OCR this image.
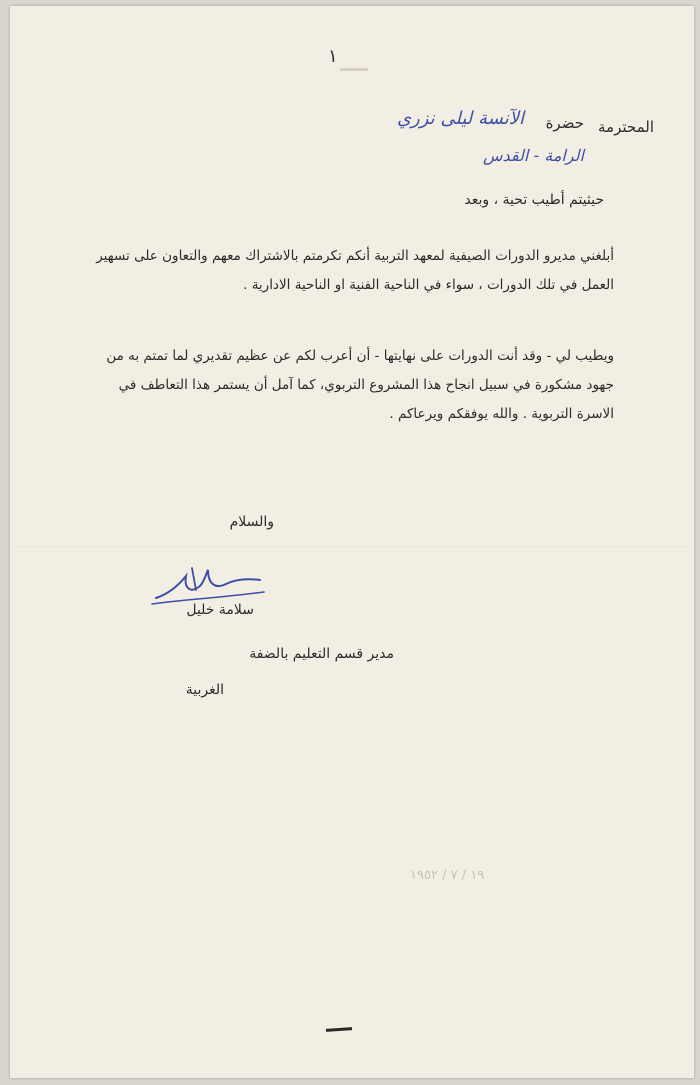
١
حضرة المحترمة
الآنسة ليلى نزري
الرامة - القدس
حيثيتم أطيب تحية ، وبعد
أبلغني مديرو الدورات الصيفية لمعهد التربية أنكم تكرمتم بالاشتراك معهم والتعاون على تسهير العمل في تلك الدورات ، سواء في الناحية الفنية او الناحية الادارية .
ويطيب لي - وقد أنت الدورات على نهايتها - أن أعرب لكم عن عظيم تقديري لما تمتم به من جهود مشكورة في سبيل انجاح هذا المشروع التربوي، كما آمل أن يستمر هذا التعاطف في الاسرة التربوية . والله يوفقكم ويرعاكم .
والسلام
سلامة خليل
مدير قسم التعليم بالضفة
الغربية
١٩ / ٧ / ١٩٥٢
